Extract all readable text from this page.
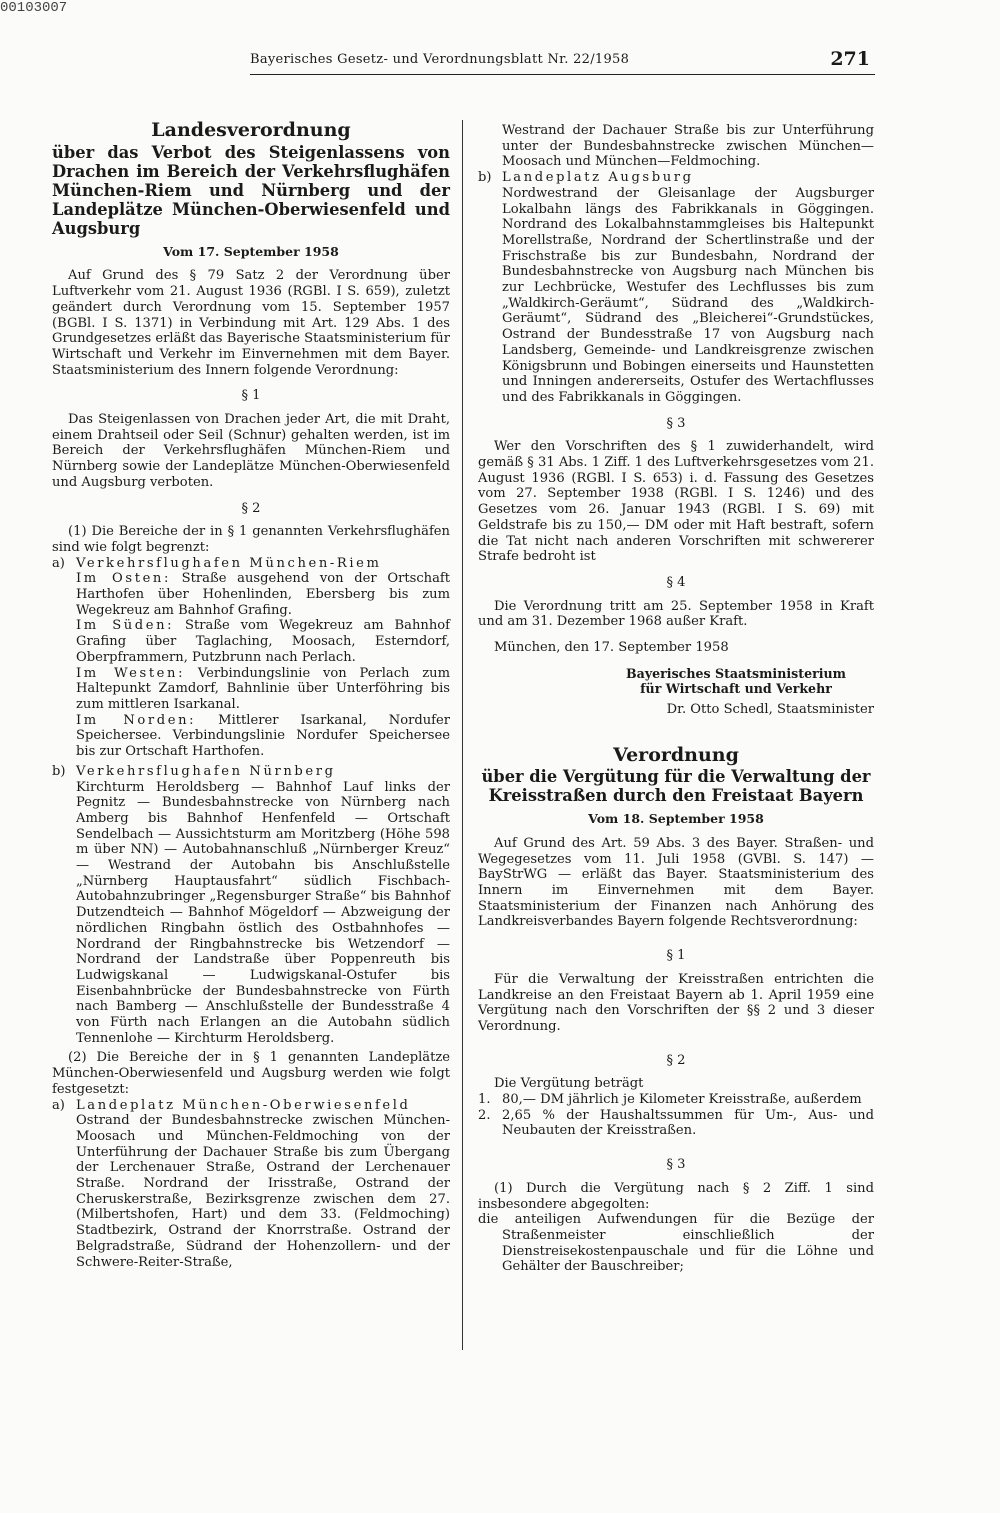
00103007
Bayerisches Gesetz- und Verordnungsblatt Nr. 22/1958	271

Landesverordnung

über das Verbot des Steigenlassens von Drachen im Bereich der Verkehrsflughäfen München-Riem und Nürnberg und der Landeplätze München-Oberwiesenfeld und Augsburg

Vom 17. September 1958

Auf Grund des § 79 Satz 2 der Verordnung über Luftverkehr vom 21. August 1936 (RGBl. I S. 659), zuletzt geändert durch Verordnung vom 15. September 1957 (BGBl. I S. 1371) in Verbindung mit Art. 129 Abs. 1 des Grundgesetzes erläßt das Bayerische Staatsministerium für Wirtschaft und Verkehr im Einvernehmen mit dem Bayer. Staatsministerium des Innern folgende Verordnung:

§ 1

Das Steigenlassen von Drachen jeder Art, die mit Draht, einem Drahtseil oder Seil (Schnur) gehalten werden, ist im Bereich der Verkehrsflughäfen München-Riem und Nürnberg sowie der Landeplätze München-Oberwiesenfeld und Augsburg verboten.

§ 2

(1) Die Bereiche der in § 1 genannten Verkehrsflughäfen sind wie folgt begrenzt:

a) Verkehrsflughafen München-Riem

Im Osten: Straße ausgehend von der Ortschaft Harthofen über Hohenlinden, Ebersberg bis zum Wegekreuz am Bahnhof Grafing.

Im Süden: Straße vom Wegekreuz am Bahnhof Grafing über Taglaching, Moosach, Esterndorf, Oberpframmern, Putzbrunn nach Perlach.

Im Westen: Verbindungslinie von Perlach zum Haltepunkt Zamdorf, Bahnlinie über Unterföhring bis zum mittleren Isarkanal.

Im Norden: Mittlerer Isarkanal, Nordufer Speichersee. Verbindungslinie Nordufer Speichersee bis zur Ortschaft Harthofen.

b) Verkehrsflughafen Nürnberg

Kirchturm Heroldsberg — Bahnhof Lauf links der Pegnitz — Bundesbahnstrecke von Nürnberg nach Amberg bis Bahnhof Henfenfeld — Ortschaft Sendelbach — Aussichtsturm am Moritzberg (Höhe 598 m über NN) — Autobahnanschluß „Nürnberger Kreuz“ — Westrand der Autobahn bis Anschlußstelle „Nürnberg Hauptausfahrt“ südlich Fischbach-Autobahnzubringer „Regensburger Straße“ bis Bahnhof Dutzendteich — Bahnhof Mögeldorf — Abzweigung der nördlichen Ringbahn östlich des Ostbahnhofes — Nordrand der Ringbahnstrecke bis Wetzendorf — Nordrand der Landstraße über Poppenreuth bis Ludwigskanal — Ludwigskanal-Ostufer bis Eisenbahnbrücke der Bundesbahnstrecke von Fürth nach Bamberg — Anschlußstelle der Bundesstraße 4 von Fürth nach Erlangen an die Autobahn südlich Tennenlohe — Kirchturm Heroldsberg.

(2) Die Bereiche der in § 1 genannten Landeplätze München-Oberwiesenfeld und Augsburg werden wie folgt festgesetzt:

a) Landeplatz München-Oberwiesenfeld

Ostrand der Bundesbahnstrecke zwischen München-Moosach und München-Feldmoching von der Unterführung der Dachauer Straße bis zum Übergang der Lerchenauer Straße, Ostrand der Lerchenauer Straße. Nordrand der Irisstraße, Ostrand der Cheruskerstraße, Bezirksgrenze zwischen dem 27. (Milbertshofen, Hart) und dem 33. (Feldmoching) Stadtbezirk, Ostrand der Knorrstraße. Ostrand der Belgradstraße, Südrand der Hohenzollern- und der Schwere-Reiter-Straße,

Westrand der Dachauer Straße bis zur Unterführung unter der Bundesbahnstrecke zwischen München—Moosach und München—Feldmoching.

b) Landeplatz Augsburg

Nordwestrand der Gleisanlage der Augsburger Lokalbahn längs des Fabrikkanals in Göggingen. Nordrand des Lokalbahnstammgleises bis Haltepunkt Morellstraße, Nordrand der Schertlinstraße und der Frischstraße bis zur Bundesbahn, Nordrand der Bundesbahnstrecke von Augsburg nach München bis zur Lechbrücke, Westufer des Lechflusses bis zum „Waldkirch-Geräumt“, Südrand des „Waldkirch-Geräumt“, Südrand des „Bleicherei“-Grundstückes, Ostrand der Bundesstraße 17 von Augsburg nach Landsberg, Gemeinde- und Landkreisgrenze zwischen Königsbrunn und Bobingen einerseits und Haunstetten und Inningen andererseits, Ostufer des Wertachflusses und des Fabrikkanals in Göggingen.

§ 3

Wer den Vorschriften des § 1 zuwiderhandelt, wird gemäß § 31 Abs. 1 Ziff. 1 des Luftverkehrsgesetzes vom 21. August 1936 (RGBl. I S. 653) i. d. Fassung des Gesetzes vom 27. September 1938 (RGBl. I S. 1246) und des Gesetzes vom 26. Januar 1943 (RGBl. I S. 69) mit Geldstrafe bis zu 150,— DM oder mit Haft bestraft, sofern die Tat nicht nach anderen Vorschriften mit schwererer Strafe bedroht ist

§ 4

Die Verordnung tritt am 25. September 1958 in Kraft und am 31. Dezember 1968 außer Kraft.

München, den 17. September 1958

Bayerisches Staatsministerium
für Wirtschaft und Verkehr

Dr. Otto Schedl, Staatsminister

Verordnung

über die Vergütung für die Verwaltung der Kreisstraßen durch den Freistaat Bayern

Vom 18. September 1958

Auf Grund des Art. 59 Abs. 3 des Bayer. Straßen- und Wegegesetzes vom 11. Juli 1958 (GVBl. S. 147) — BayStrWG — erläßt das Bayer. Staatsministerium des Innern im Einvernehmen mit dem Bayer. Staatsministerium der Finanzen nach Anhörung des Landkreisverbandes Bayern folgende Rechtsverordnung:

§ 1

Für die Verwaltung der Kreisstraßen entrichten die Landkreise an den Freistaat Bayern ab 1. April 1959 eine Vergütung nach den Vorschriften der §§ 2 und 3 dieser Verordnung.

§ 2

Die Vergütung beträgt

1. 80,— DM jährlich je Kilometer Kreisstraße, außerdem
2. 2,65 % der Haushaltssummen für Um-, Aus- und Neubauten der Kreisstraßen.

§ 3

(1) Durch die Vergütung nach § 2 Ziff. 1 sind insbesondere abgegolten:

die anteiligen Aufwendungen für die Bezüge der Straßenmeister einschließlich der Dienstreisekostenpauschale und für die Löhne und Gehälter der Bauschreiber;
